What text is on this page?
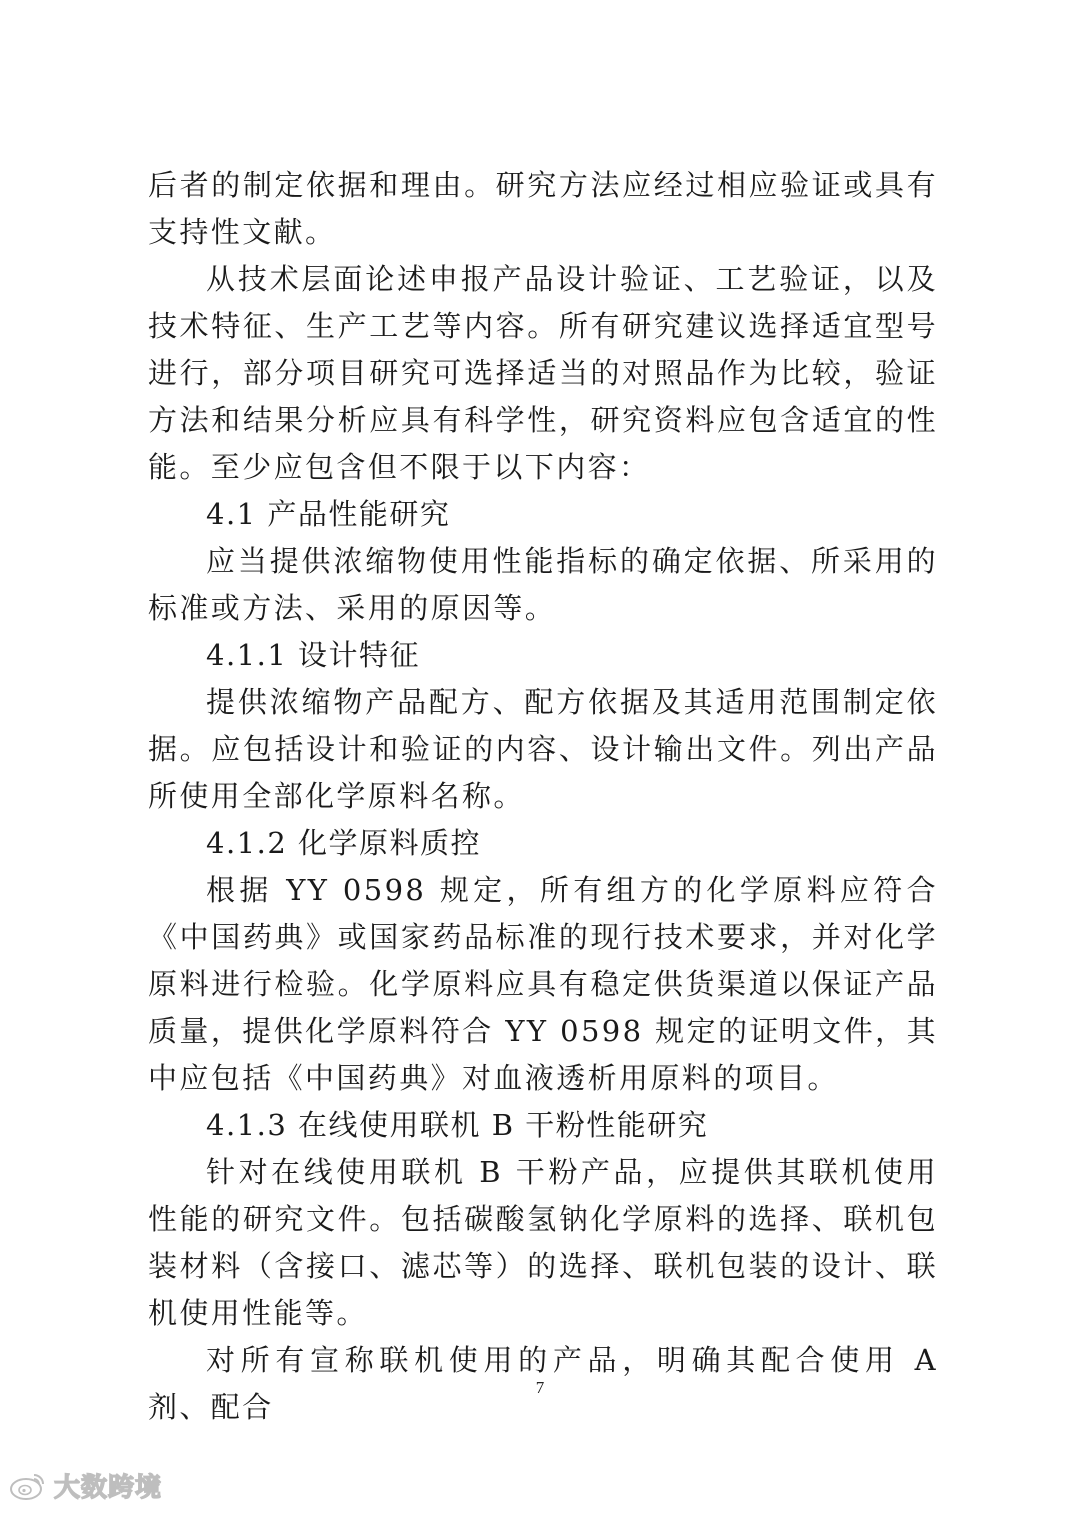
后者的制定依据和理由。研究方法应经过相应验证或具有支持性文献。

从技术层面论述申报产品设计验证、工艺验证，以及技术特征、生产工艺等内容。所有研究建议选择适宜型号进行，部分项目研究可选择适当的对照品作为比较，验证方法和结果分析应具有科学性，研究资料应包含适宜的性能。至少应包含但不限于以下内容：

4.1 产品性能研究

应当提供浓缩物使用性能指标的确定依据、所采用的标准或方法、采用的原因等。

4.1.1 设计特征

提供浓缩物产品配方、配方依据及其适用范围制定依据。应包括设计和验证的内容、设计输出文件。列出产品所使用全部化学原料名称。

4.1.2 化学原料质控

根据 YY 0598 规定，所有组方的化学原料应符合《中国药典》或国家药品标准的现行技术要求，并对化学原料进行检验。化学原料应具有稳定供货渠道以保证产品质量，提供化学原料符合 YY 0598 规定的证明文件，其中应包括《中国药典》对血液透析用原料的项目。

4.1.3 在线使用联机 B 干粉性能研究

针对在线使用联机 B 干粉产品，应提供其联机使用性能的研究文件。包括碳酸氢钠化学原料的选择、联机包装材料（含接口、滤芯等）的选择、联机包装的设计、联机使用性能等。

对所有宣称联机使用的产品，明确其配合使用 A 剂、配合

7
大数跨境
